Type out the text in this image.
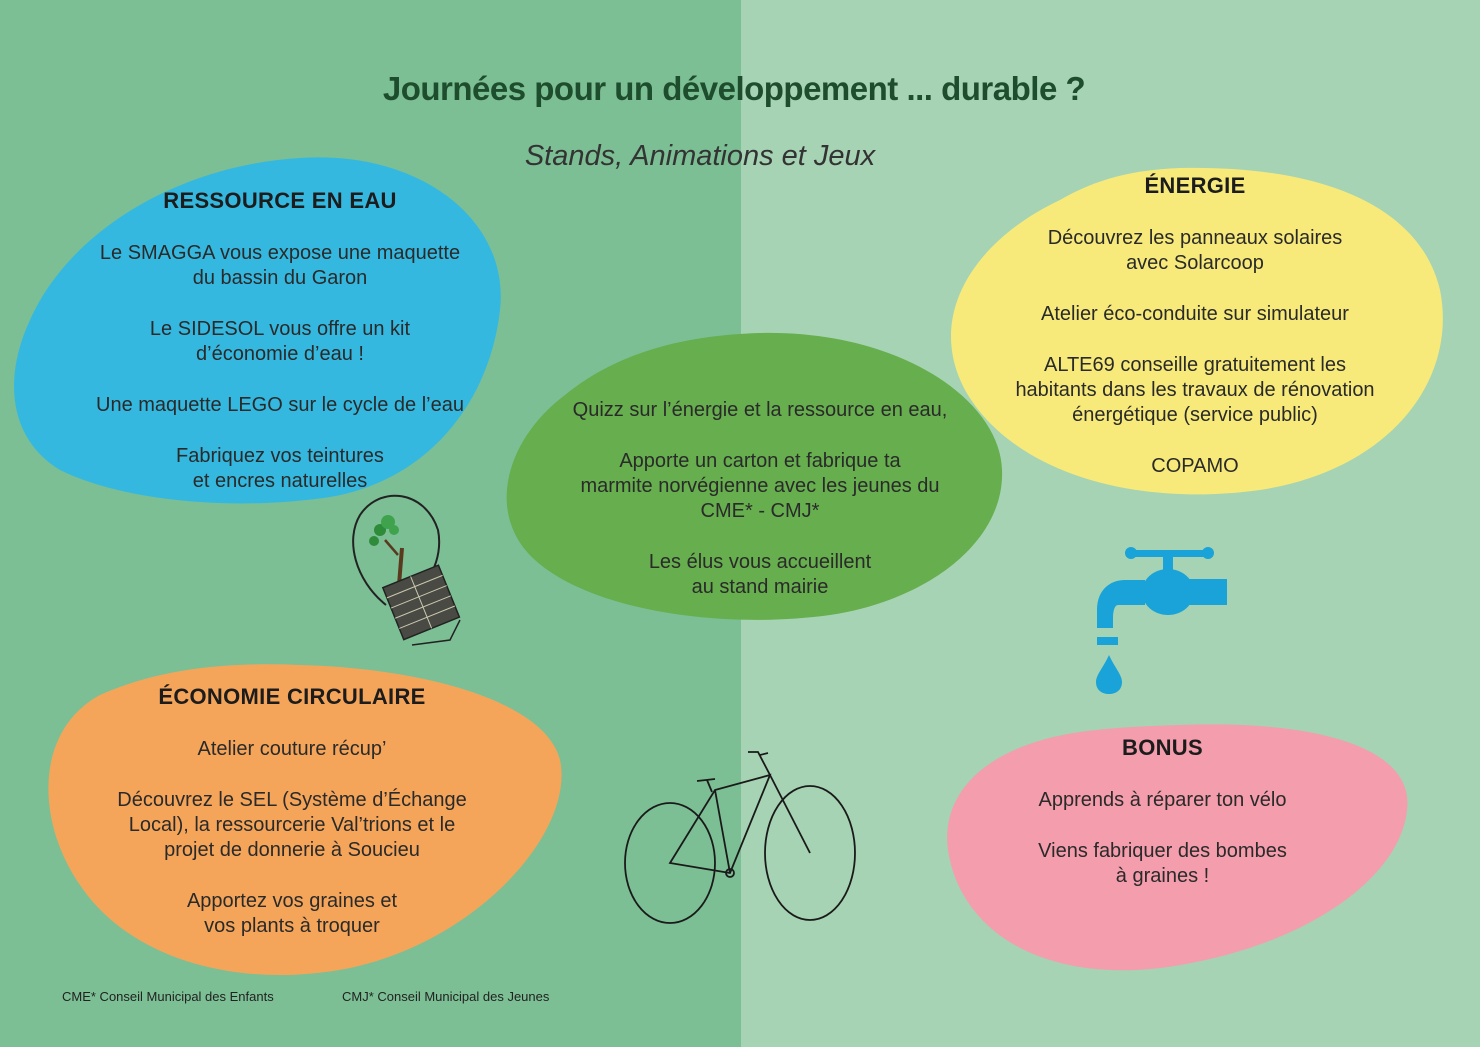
Journées pour un développement ... durable ?
Stands, Animations et Jeux
RESSOURCE EN EAU

Le SMAGGA vous expose une maquette
du bassin du Garon

Le SIDESOL vous offre un kit
d’économie d’eau !

Une maquette LEGO sur le cycle de l’eau

Fabriquez vos teintures
et encres naturelles

ÉNERGIE

Découvrez les panneaux solaires
avec Solarcoop

Atelier éco-conduite sur simulateur

ALTE69 conseille gratuitement les
habitants dans les travaux de rénovation
énergétique (service public)

COPAMO

Quizz sur l’énergie et la ressource en eau,

Apporte un carton et fabrique ta
marmite norvégienne avec les jeunes du
CME* - CMJ*

Les élus vous accueillent
au stand mairie

ÉCONOMIE CIRCULAIRE

Atelier couture récup’

Découvrez le SEL (Système d’Échange
Local), la ressourcerie Val’trions et le
projet de donnerie à Soucieu

Apportez vos graines et
vos plants à troquer

BONUS

Apprends à réparer ton vélo

Viens fabriquer des bombes
à graines !

CME* Conseil Municipal des Enfants	CMJ* Conseil Municipal des Jeunes
